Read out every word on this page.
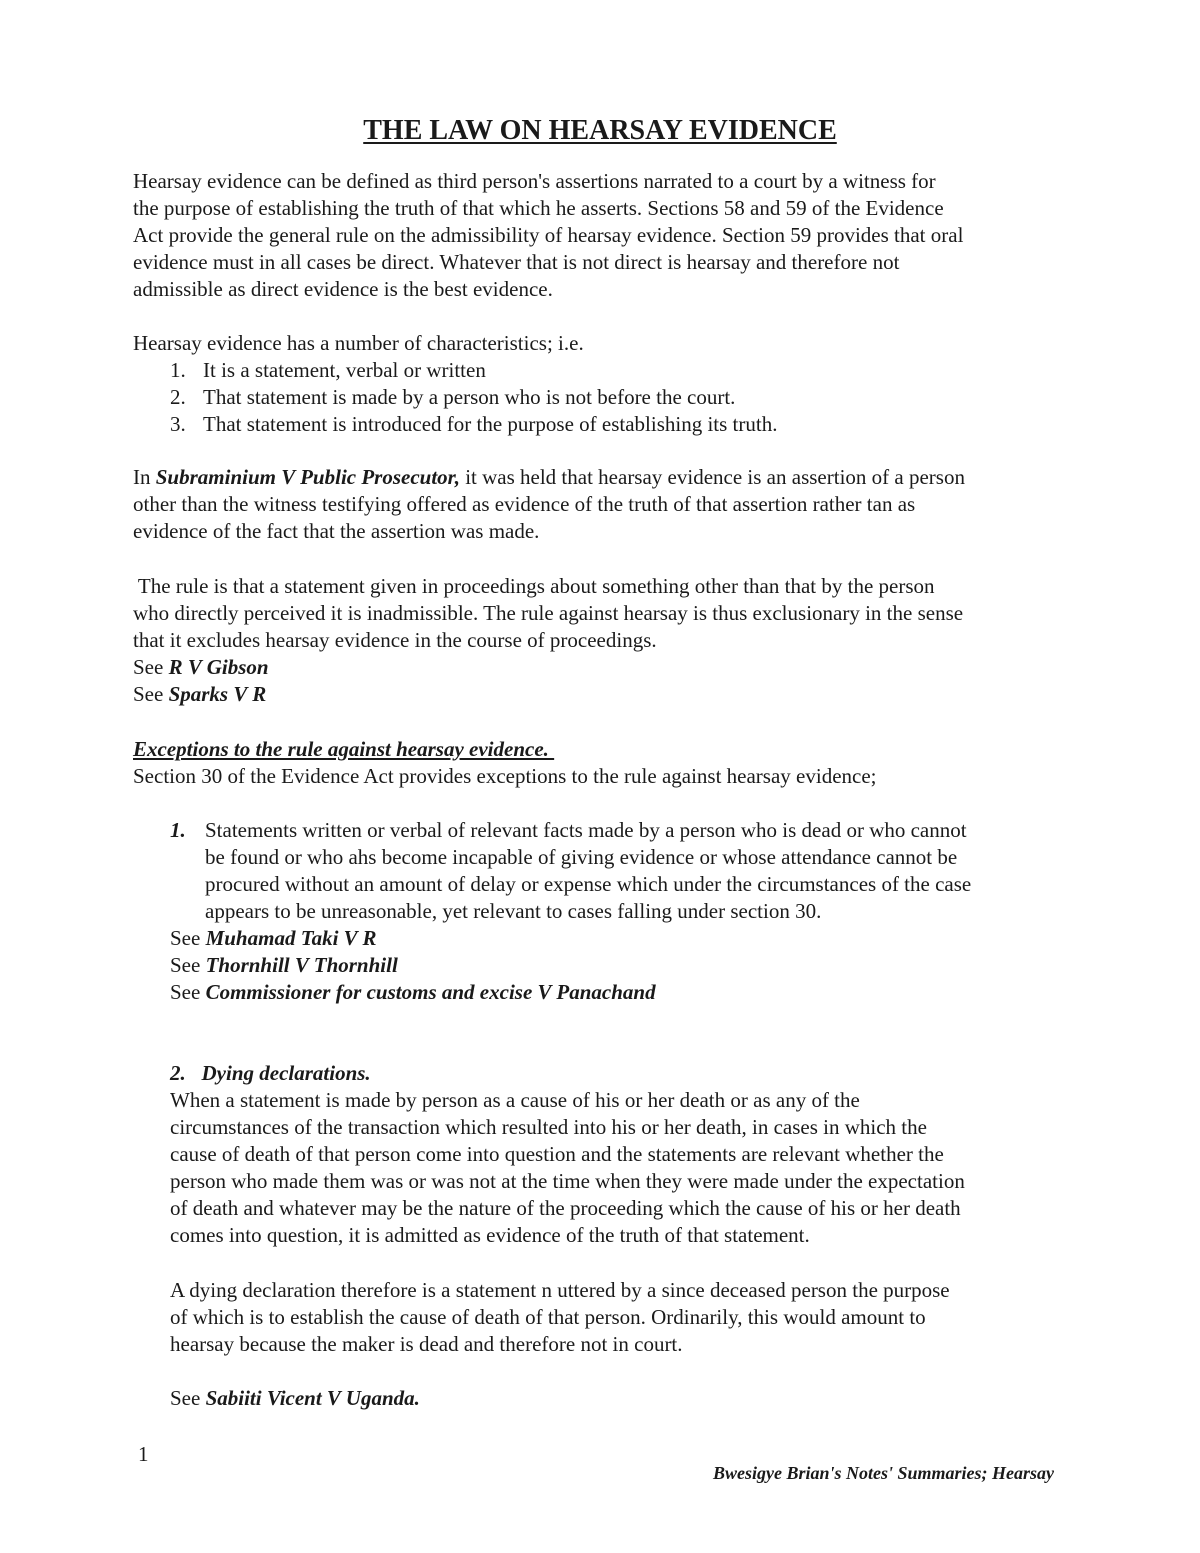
THE LAW ON HEARSAY EVIDENCE

Hearsay evidence can be defined as third person's assertions narrated to a court by a witness for

the purpose of establishing the truth of that which he asserts. Sections 58 and 59 of the Evidence

Act provide the general rule on the admissibility of hearsay evidence. Section 59 provides that oral

evidence must in all cases be direct. Whatever that is not direct is hearsay and therefore not

admissible as direct evidence is the best evidence.

Hearsay evidence has a number of characteristics; i.e.

1. It is a statement, verbal or written
2. That statement is made by a person who is not before the court.
3. That statement is introduced for the purpose of establishing its truth.

In Subraminium V Public Prosecutor, it was held that hearsay evidence is an assertion of a person

other than the witness testifying offered as evidence of the truth of that assertion rather tan as

evidence of the fact that the assertion was made.

The rule is that a statement given in proceedings about something other than that by the person

who directly perceived it is inadmissible. The rule against hearsay is thus exclusionary in the sense

that it excludes hearsay evidence in the course of proceedings.

See R V Gibson

See Sparks V R

Exceptions to the rule against hearsay evidence.

Section 30 of the Evidence Act provides exceptions to the rule against hearsay evidence;

1. Statements written or verbal of relevant facts made by a person who is dead or who cannot

be found or who ahs become incapable of giving evidence or whose attendance cannot be

procured without an amount of delay or expense which under the circumstances of the case

appears to be unreasonable, yet relevant to cases falling under section 30.

See Muhamad Taki V R

See Thornhill V Thornhill

See Commissioner for customs and excise V Panachand

2.   Dying declarations.

When a statement is made by person as a cause of his or her death or as any of the

circumstances of the transaction which resulted into his or her death, in cases in which the

cause of death of that person come into question and the statements are relevant whether the

person who made them was or was not at the time when they were made under the expectation

of death and whatever may be the nature of the proceeding which the cause of his or her death

comes into question, it is admitted as evidence of the truth of that statement.

A dying declaration therefore is a statement n uttered by a since deceased person the purpose

of which is to establish the cause of death of that person. Ordinarily, this would amount to

hearsay because the maker is dead and therefore not in court.

See Sabiiti Vicent V Uganda.

1
Bwesigye Brian's Notes' Summaries; Hearsay
